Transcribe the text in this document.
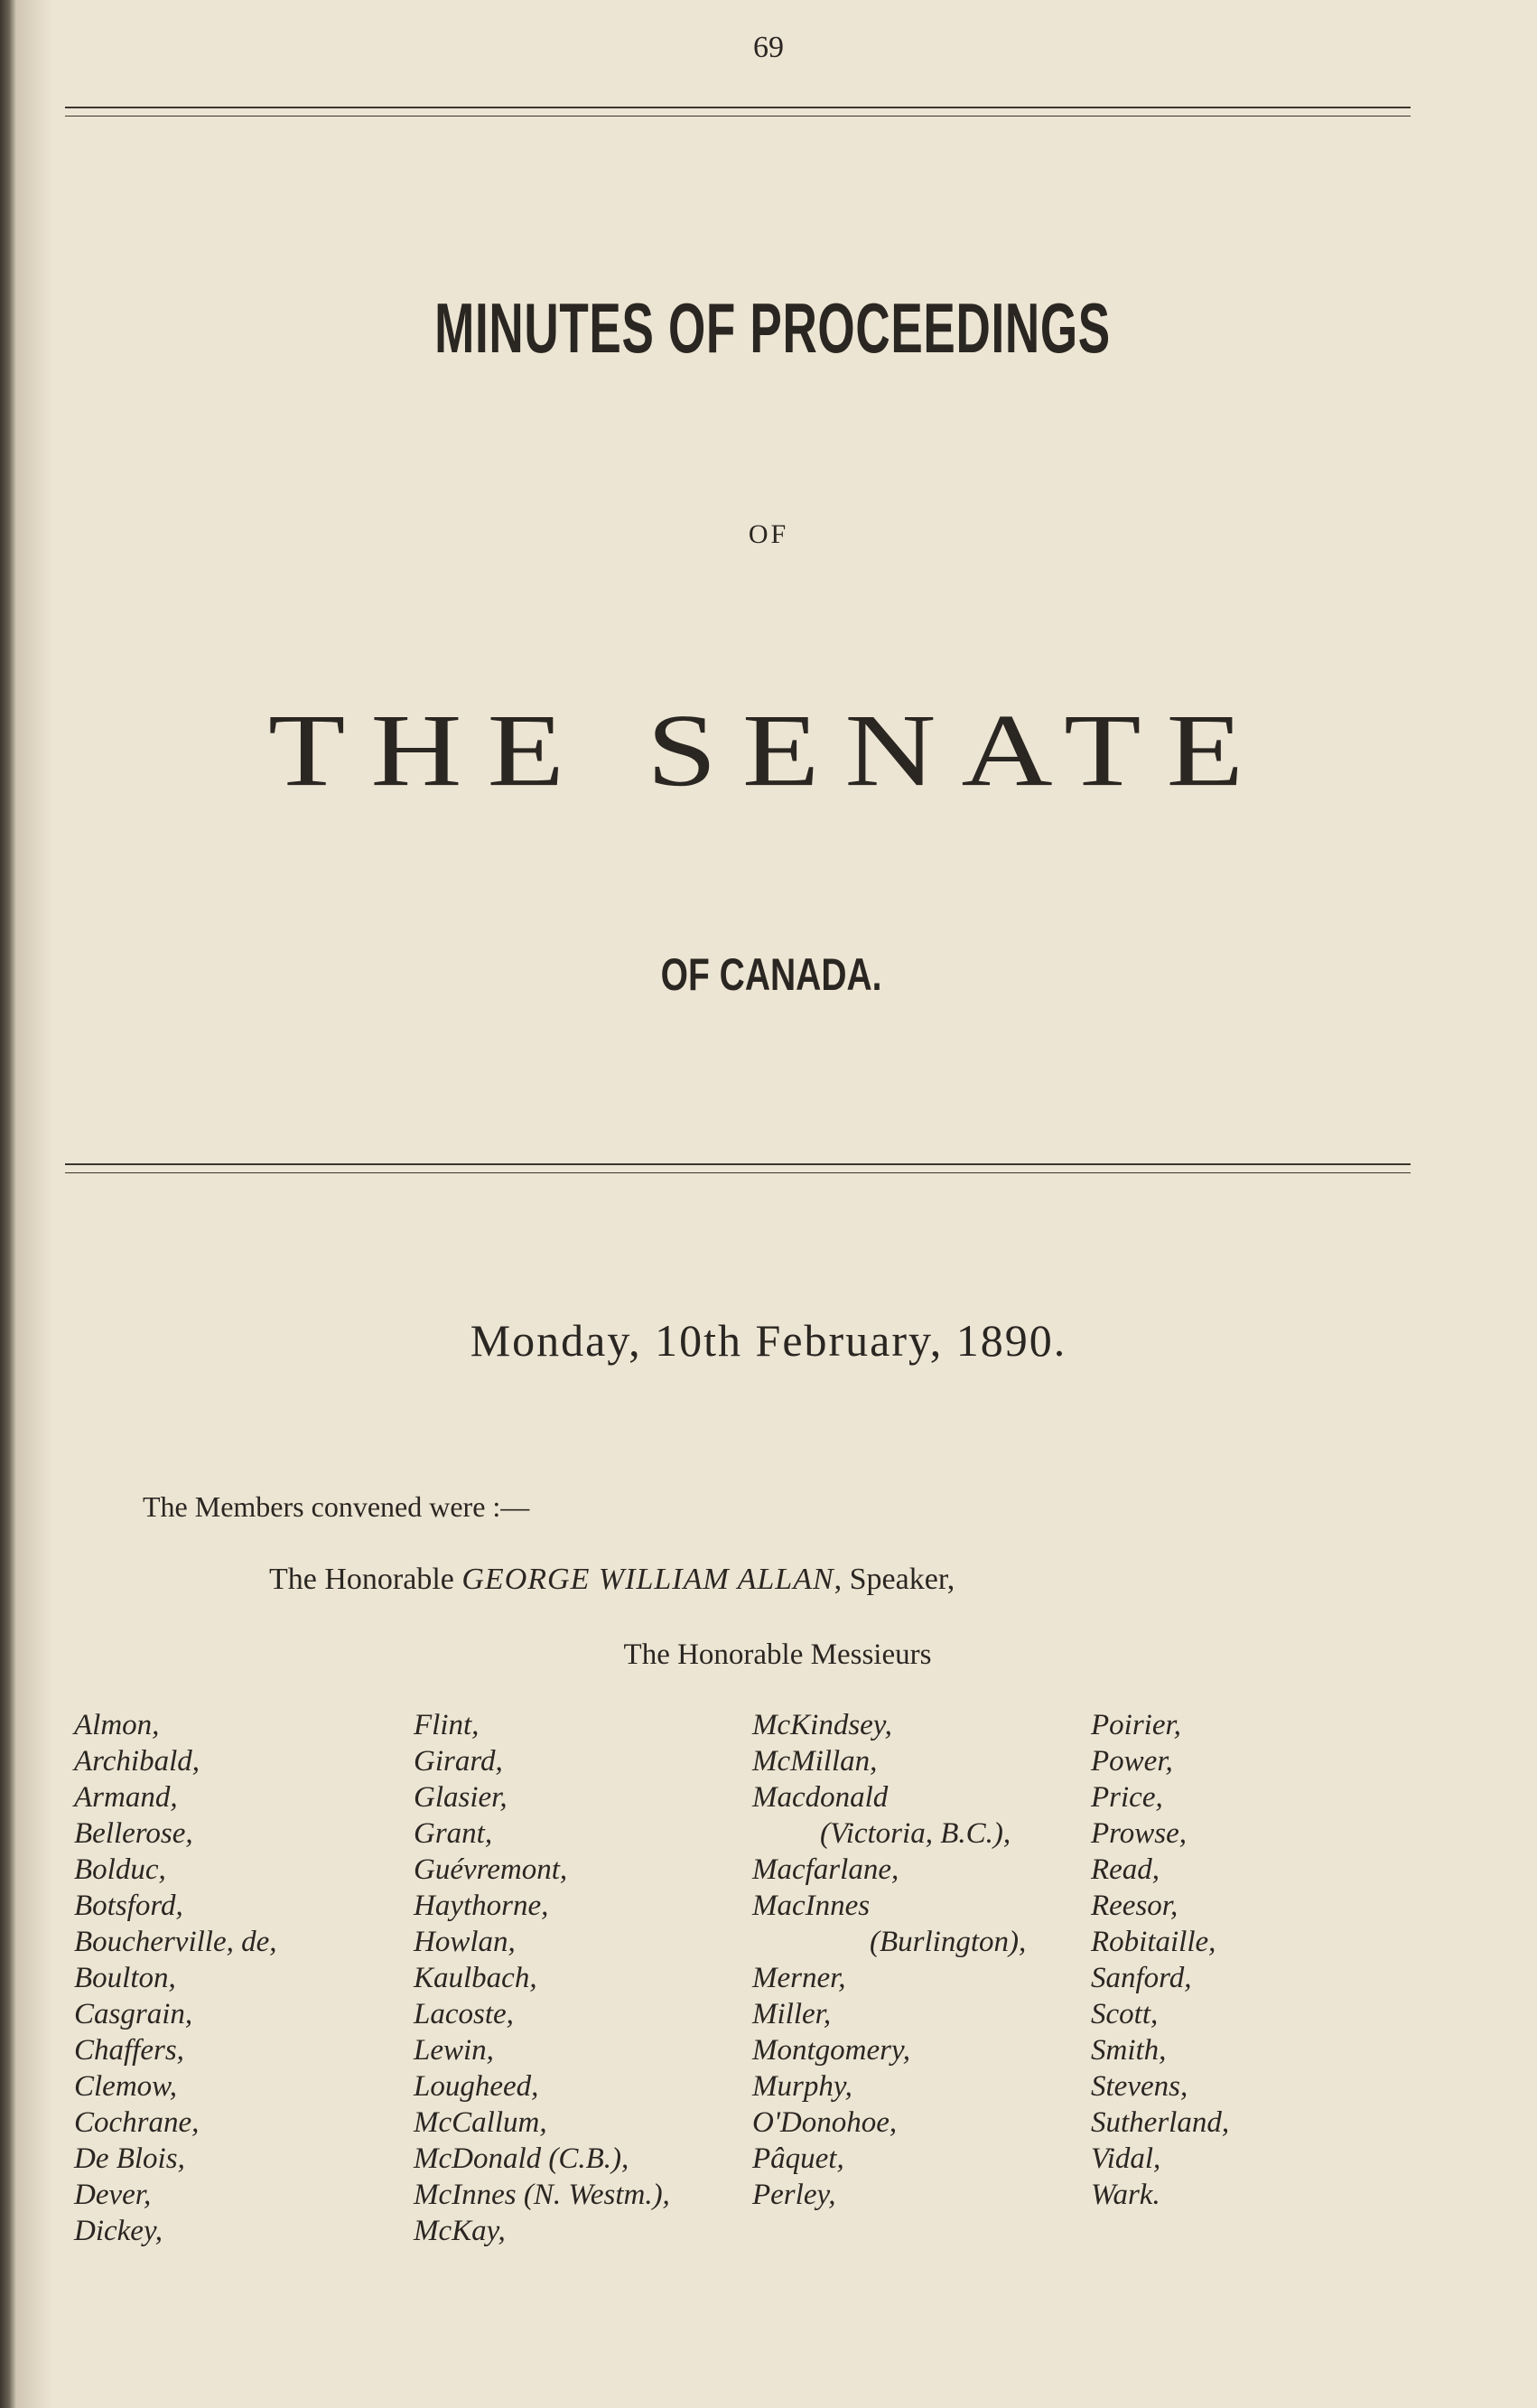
69
MINUTES OF PROCEEDINGS
OF
THE SENATE
OF CANADA.
Monday, 10th February, 1890.
The Members convened were :—
The Honorable GEORGE WILLIAM ALLAN, Speaker,
The Honorable Messieurs
Almon,
Archibald,
Armand,
Bellerose,
Bolduc,
Botsford,
Boucherville, de,
Boulton,
Casgrain,
Chaffers,
Clemow,
Cochrane,
De Blois,
Dever,
Dickey,
Flint,
Girard,
Glasier,
Grant,
Guévremont,
Haythorne,
Howlan,
Kaulbach,
Lacoste,
Lewin,
Lougheed,
McCallum,
McDonald (C.B.),
McInnes (N. Westm.),
McKay,
McKindsey,
McMillan,
Macdonald
(Victoria, B.C.),
Macfarlane,
MacInnes
(Burlington),
Merner,
Miller,
Montgomery,
Murphy,
O'Donohoe,
Pâquet,
Perley,
Poirier,
Power,
Price,
Prowse,
Read,
Reesor,
Robitaille,
Sanford,
Scott,
Smith,
Stevens,
Sutherland,
Vidal,
Wark.
